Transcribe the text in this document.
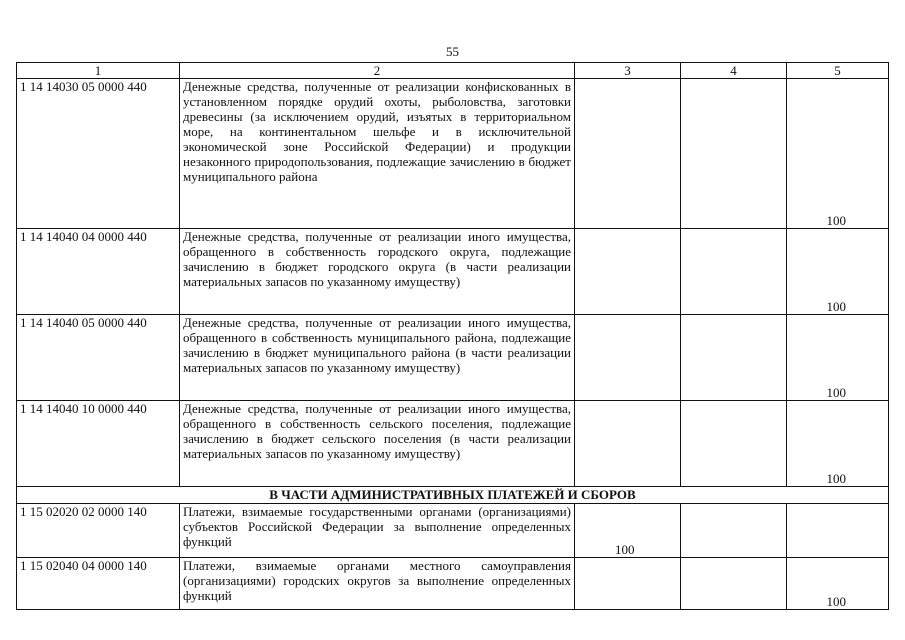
55
1	2	3	4	5
1 14 14030 05 0000 440	Денежные средства, полученные от реализации конфискованных в установленном порядке орудий охоты, рыболовства, заготовки древесины (за исключением орудий, изъятых в территориальном море, на континентальном шельфе и в исключительной экономической зоне Российской Федерации) и продукции незаконного природопользования, подлежащие зачислению в бюджет муниципального района			100
1 14 14040 04 0000 440	Денежные средства, полученные от реализации иного имущества, обращенного в собственность городского округа, подлежащие зачислению в бюджет городского округа (в части реализации материальных запасов по указанному имуществу)			100
1 14 14040 05 0000 440	Денежные средства, полученные от реализации иного имущества, обращенного в собственность муниципального района, подлежащие зачислению в бюджет муниципального района (в части реализации материальных запасов по указанному имуществу)			100
1 14 14040 10 0000 440	Денежные средства, полученные от реализации иного имущества, обращенного в собственность сельского поселения, подлежащие зачислению в бюджет сельского поселения (в части реализации материальных запасов по указанному имуществу)			100
В ЧАСТИ АДМИНИСТРАТИВНЫХ ПЛАТЕЖЕЙ И СБОРОВ				
1 15 02020 02 0000 140	Платежи, взимаемые государственными органами (организациями) субъектов Российской Федерации за выполнение определенных функций	100		
1 15 02040 04 0000 140	Платежи, взимаемые органами местного самоуправления (организациями) городских округов за выполнение определенных функций			100
